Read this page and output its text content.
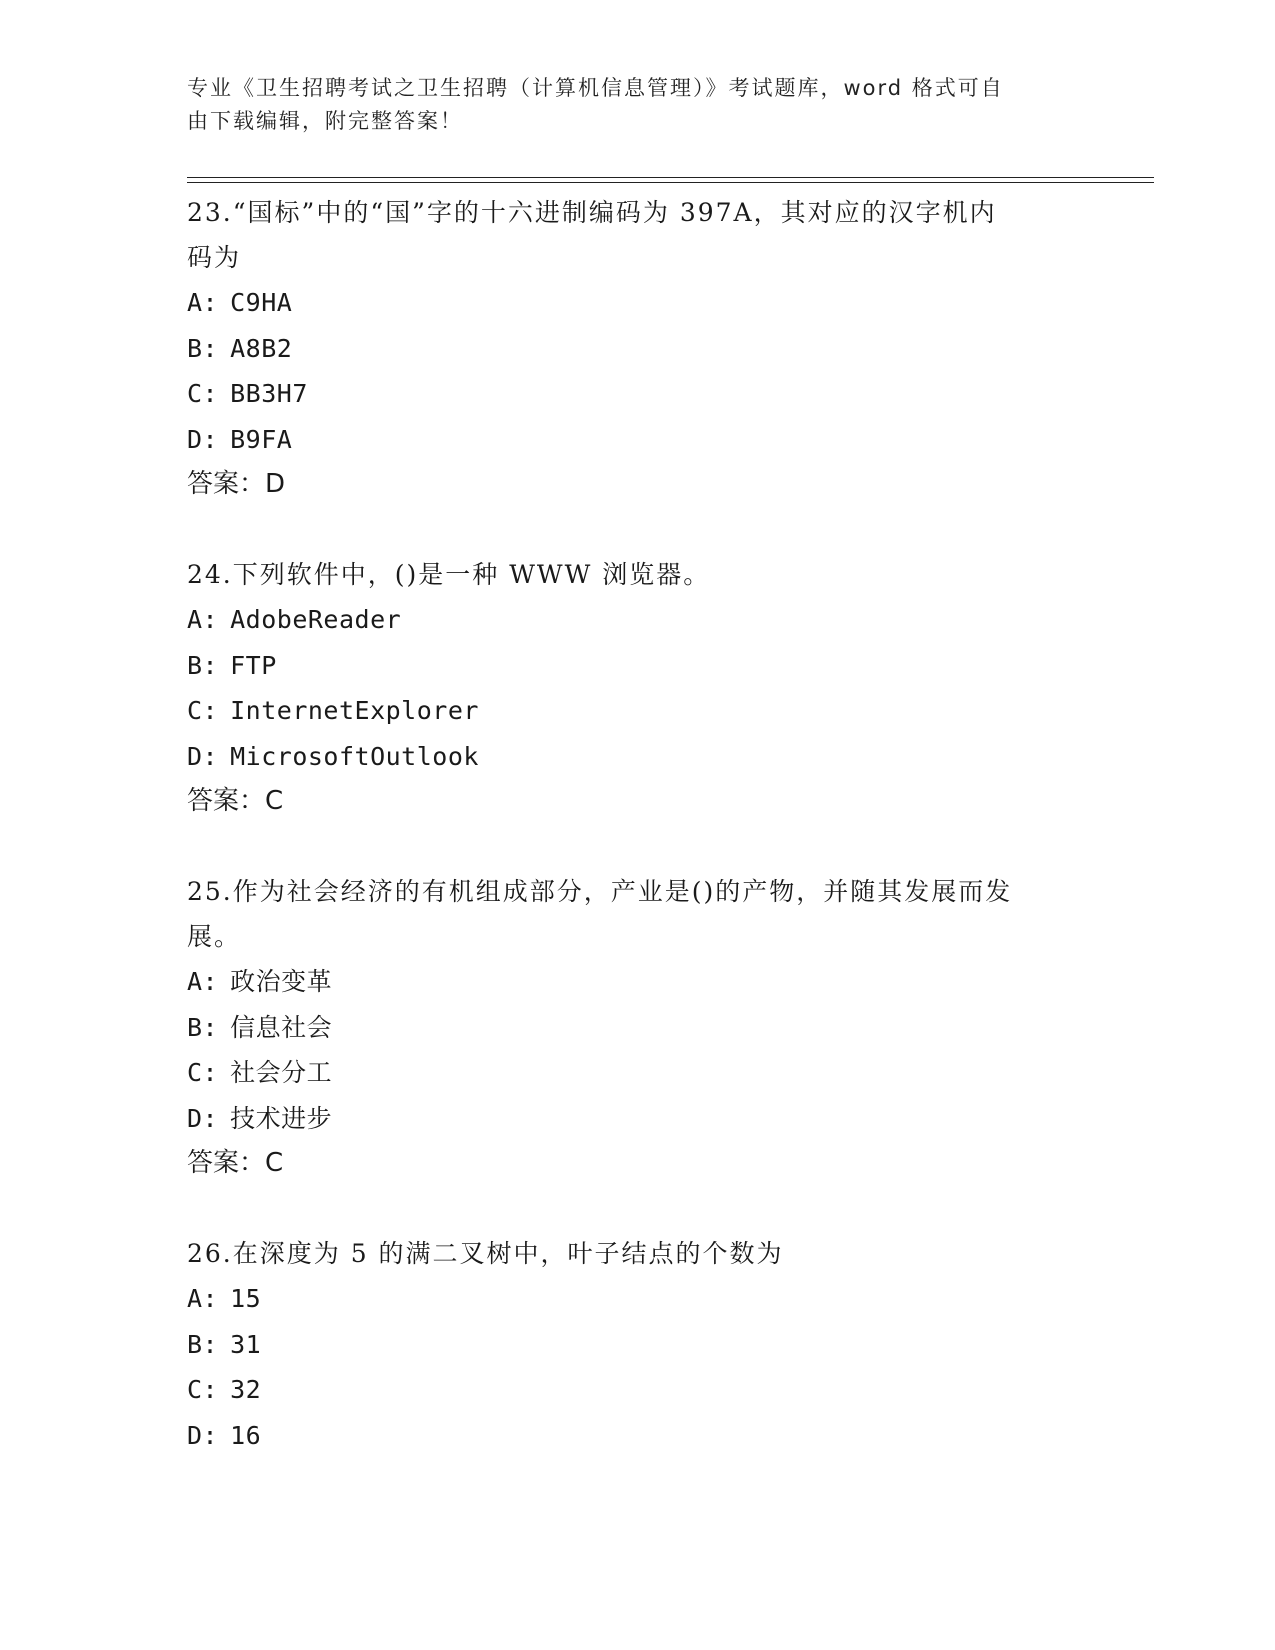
专业《卫生招聘考试之卫生招聘（计算机信息管理）》考试题库，word 格式可自
由下载编辑，附完整答案！
23.“国标”中的“国”字的十六进制编码为 397A，其对应的汉字机内
码为
A: C9HA
B: A8B2
C: BB3H7
D: B9FA
答案：D
24.下列软件中，()是一种 WWW 浏览器。
A: AdobeReader
B: FTP
C: InternetExplorer
D: MicrosoftOutlook
答案：C
25.作为社会经济的有机组成部分，产业是()的产物，并随其发展而发
展。
A: 政治变革
B: 信息社会
C: 社会分工
D: 技术进步
答案：C
26.在深度为 5 的满二叉树中，叶子结点的个数为
A: 15
B: 31
C: 32
D: 16
